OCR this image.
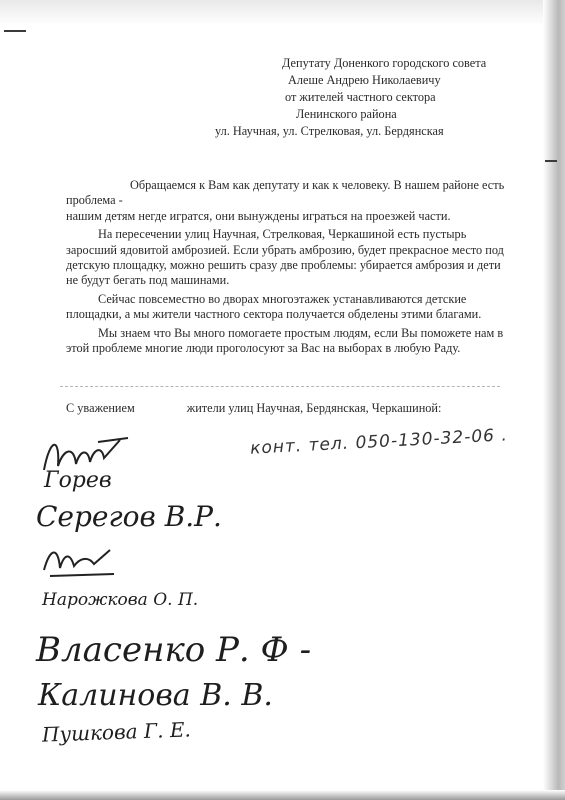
Депутату Доненкого городского совета
Алеше Андрею Николаевичу
от жителей частного сектора
Ленинского района
ул. Научная, ул. Стрелковая, ул. Бердянская

Обращаемся к Вам как депутату и как к человеку. В нашем районе есть
проблема -
нашим детям негде игратся, они вынуждены играться на проезжей части.

На пересечении улиц Научная, Стрелковая, Черкашиной есть пустырь заросший ядовитой амброзией. Если убрать амброзию, будет прекрасное место под детскую площадку, можно решить сразу две проблемы: убирается амброзия и дети не будут бегать под машинами.

Сейчас повсеместно во дворах многоэтажек устанавливаются детские площадки, а мы жители частного сектора получается обделены этими благами.

Мы знаем что Вы много помогаете простым людям, если Вы поможете нам в этой проблеме многие люди проголосуют за Вас на выборах в любую Раду.

С уважением	жители улиц Научная, Бердянская, Черкашиной:
конт. тел. 050-130-32-06 .
Горев
Серегов В.Р.
Нарожкова О. П.
Власенко Р. Ф -
Калинова В. В.
Пушкова Г. Е.
